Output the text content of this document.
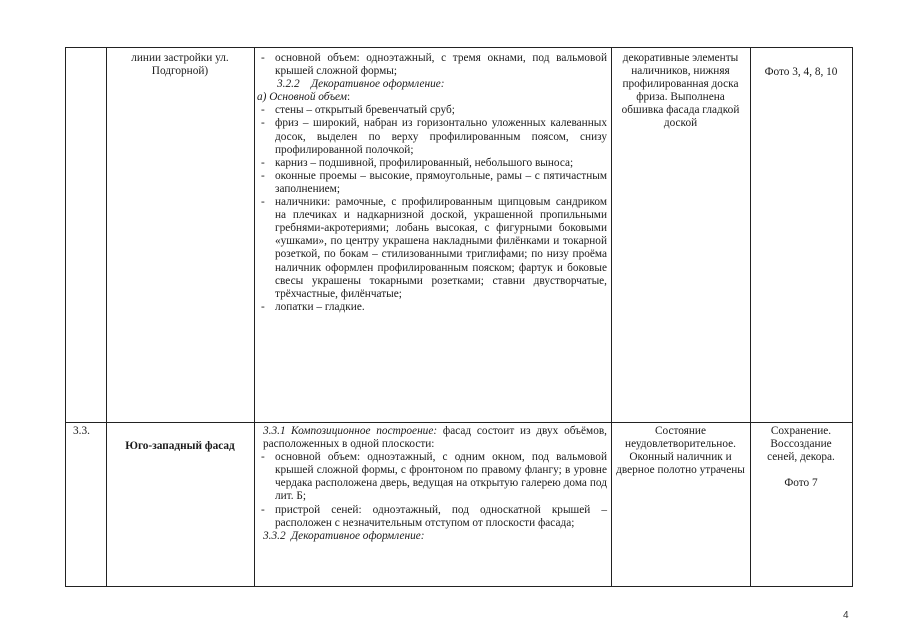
линии застройки ул. Подгорной)
- основной объем: одноэтажный, с тремя окнами, под вальмовой крышей сложной формы;
3.2.2 Декоративное оформление:
а) Основной объем:
- стены – открытый бревенчатый сруб;
- фриз – широкий, набран из горизонтально уложенных калеванных досок, выделен по верху профилированным поясом, снизу профилированной полочкой;
- карниз – подшивной, профилированный, небольшого выноса;
- оконные проемы – высокие, прямоугольные, рамы – с пятичастным заполнением;
- наличники: рамочные, с профилированным щипцовым сандриком на плечиках и надкарнизной доской, украшенной пропильными гребнями-акротериями; лобань высокая, с фигурными боковыми «ушками», по центру украшена накладными филёнками и токарной розеткой, по бокам – стилизованными триглифами; по низу проёма наличник оформлен профилированным пояском; фартук и боковые свесы украшены токарными розетками; ставни двустворчатые, трёхчастные, филёнчатые;
- лопатки – гладкие.
декоративные элементы наличников, нижняя профилированная доска фриза. Выполнена обшивка фасада гладкой доской
Фото 3, 4, 8, 10
3.3.
Юго-западный фасад
3.3.1 Композиционное построение: фасад состоит из двух объёмов, расположенных в одной плоскости:
- основной объем: одноэтажный, с одним окном, под вальмовой крышей сложной формы, с фронтоном по правому флангу; в уровне чердака расположена дверь, ведущая на открытую галерею дома под лит. Б;
- пристрой сеней: одноэтажный, под односкатной крышей – расположен с незначительным отступом от плоскости фасада;
3.3.2 Декоративное оформление:
Состояние неудовлетворительное. Оконный наличник и дверное полотно утрачены
Сохранение. Воссоздание сеней, декора.
Фото 7
4
